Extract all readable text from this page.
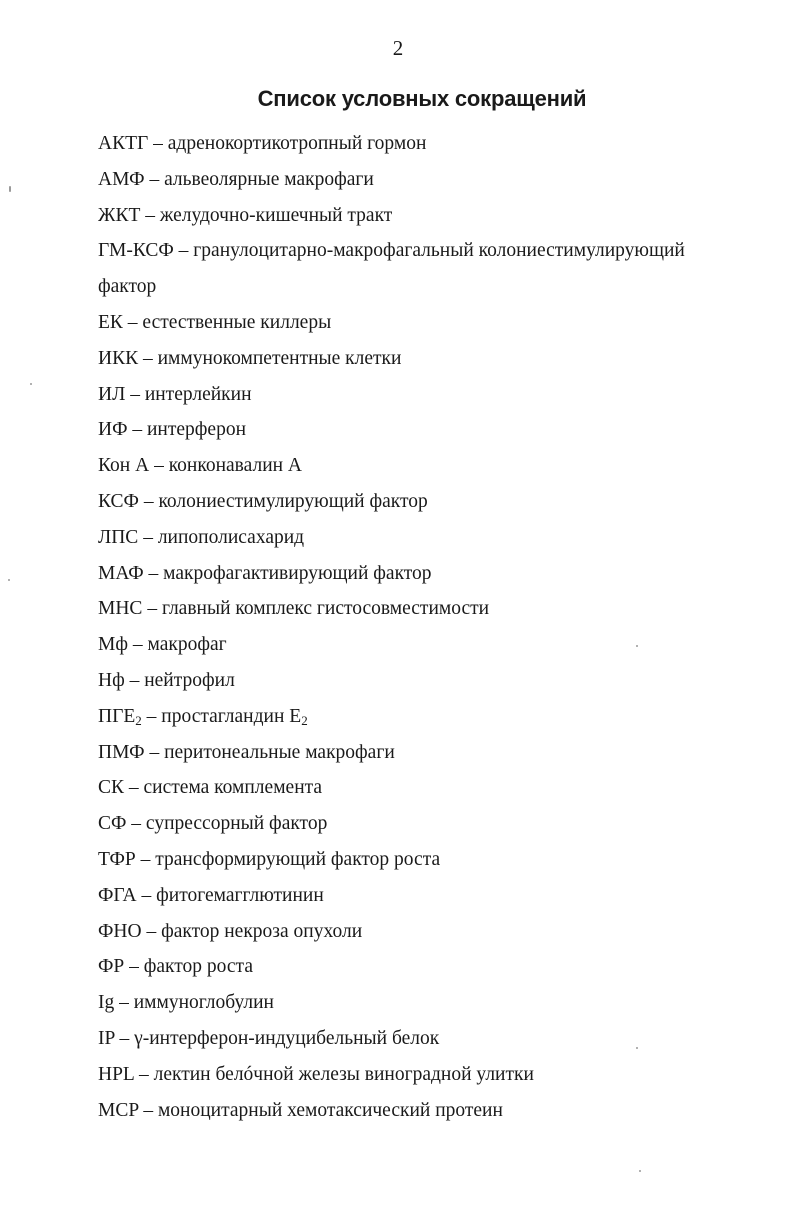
2
Список условных сокращений
АКТГ – адренокортикотропный гормон
АМФ – альвеолярные макрофаги
ЖКТ – желудочно-кишечный тракт
ГМ-КСФ – гранулоцитарно-макрофагальный колониестимулирующий
фактор
ЕК – естественные киллеры
ИКК – иммунокомпетентные клетки
ИЛ – интерлейкин
ИФ – интерферон
Кон А – конконавалин А
КСФ – колониестимулирующий фактор
ЛПС – липополисахарид
МАФ – макрофагактивирующий фактор
МНС – главный комплекс гистосовместимости
Мф – макрофаг
Нф – нейтрофил
$ПГЕ_2$ – простагландин $Е_2$
ПМФ – перитонеальные макрофаги
СК – система комплемента
СФ – супрессорный фактор
ТФР – трансформирующий фактор роста
ФГА – фитогемагглютинин
ФНО – фактор некроза опухоли
ФР – фактор роста
Ig – иммуноглобулин
IP – γ-интерферон-индуцибельный белок
HPL – лектин белóчной железы виноградной улитки
MCP – моноцитарный хемотаксический протеин
